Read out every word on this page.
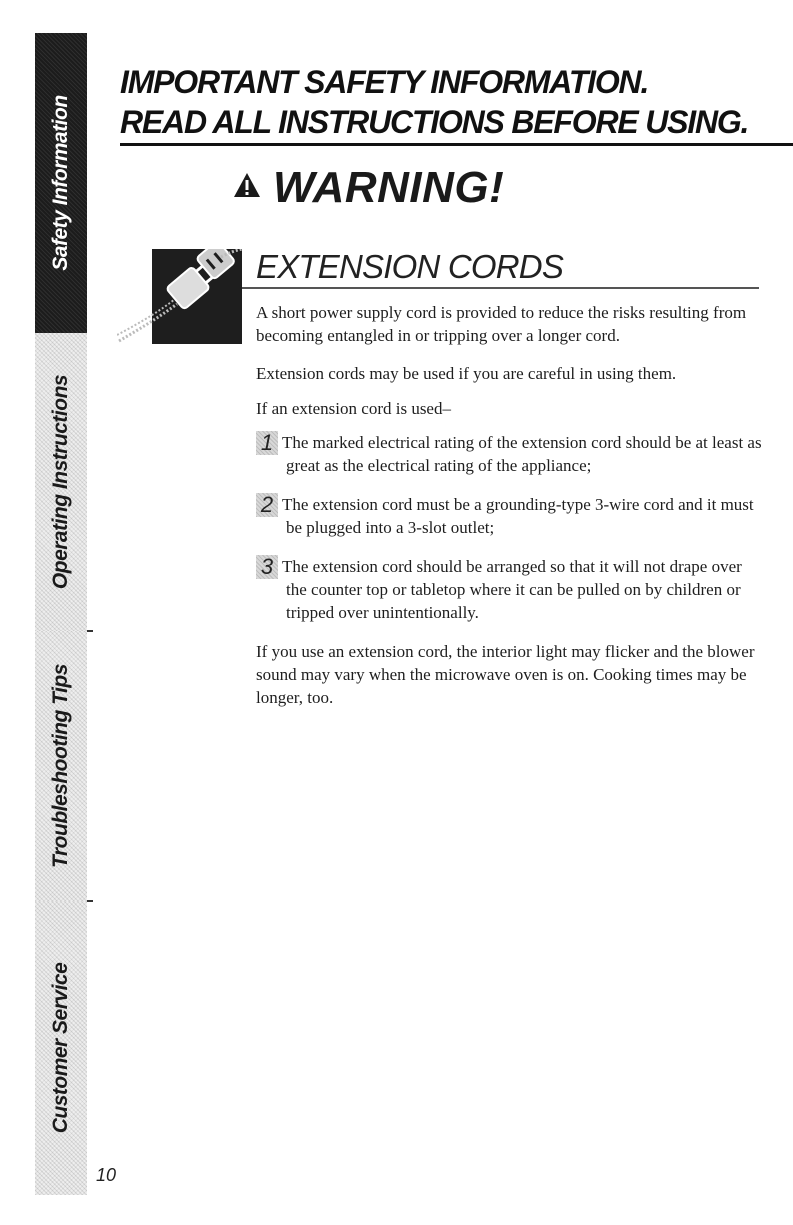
Safety Information
Operating Instructions
Troubleshooting Tips
Customer Service
10
IMPORTANT SAFETY INFORMATION.
READ ALL INSTRUCTIONS BEFORE USING.
WARNING!
EXTENSION CORDS

A short power supply cord is provided to reduce the risks resulting from becoming entangled in or tripping over a longer cord.

Extension cords may be used if you are careful in using them.

If an extension cord is used–

1 The marked electrical rating of the extension cord should be at least as great as the electrical rating of the appliance;
2 The extension cord must be a grounding-type 3-wire cord and it must be plugged into a 3-slot outlet;
3 The extension cord should be arranged so that it will not drape over the counter top or tabletop where it can be pulled on by children or tripped over unintentionally.

If you use an extension cord, the interior light may flicker and the blower sound may vary when the microwave oven is on. Cooking times may be longer, too.
